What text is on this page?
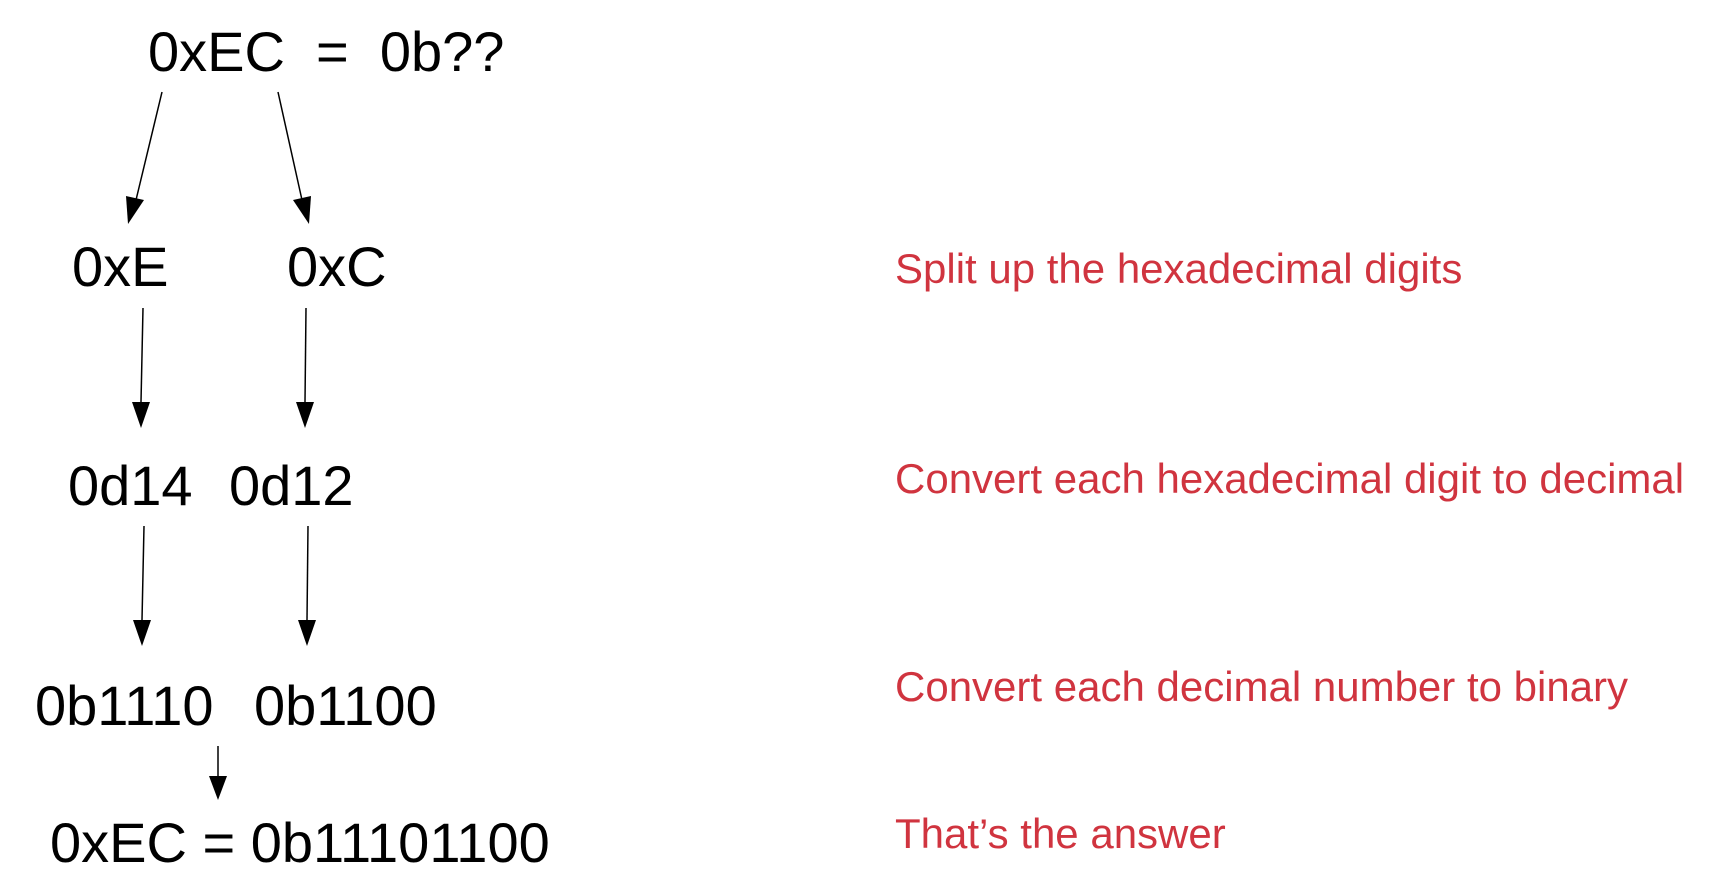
0xEC  =  0b??
0xE 0xC
0d14 0d12
0b1110 0b1100
0xEC = 0b11101100
Split up the hexadecimal digits
Convert each hexadecimal digit to decimal
Convert each decimal number to binary
That’s the answer
